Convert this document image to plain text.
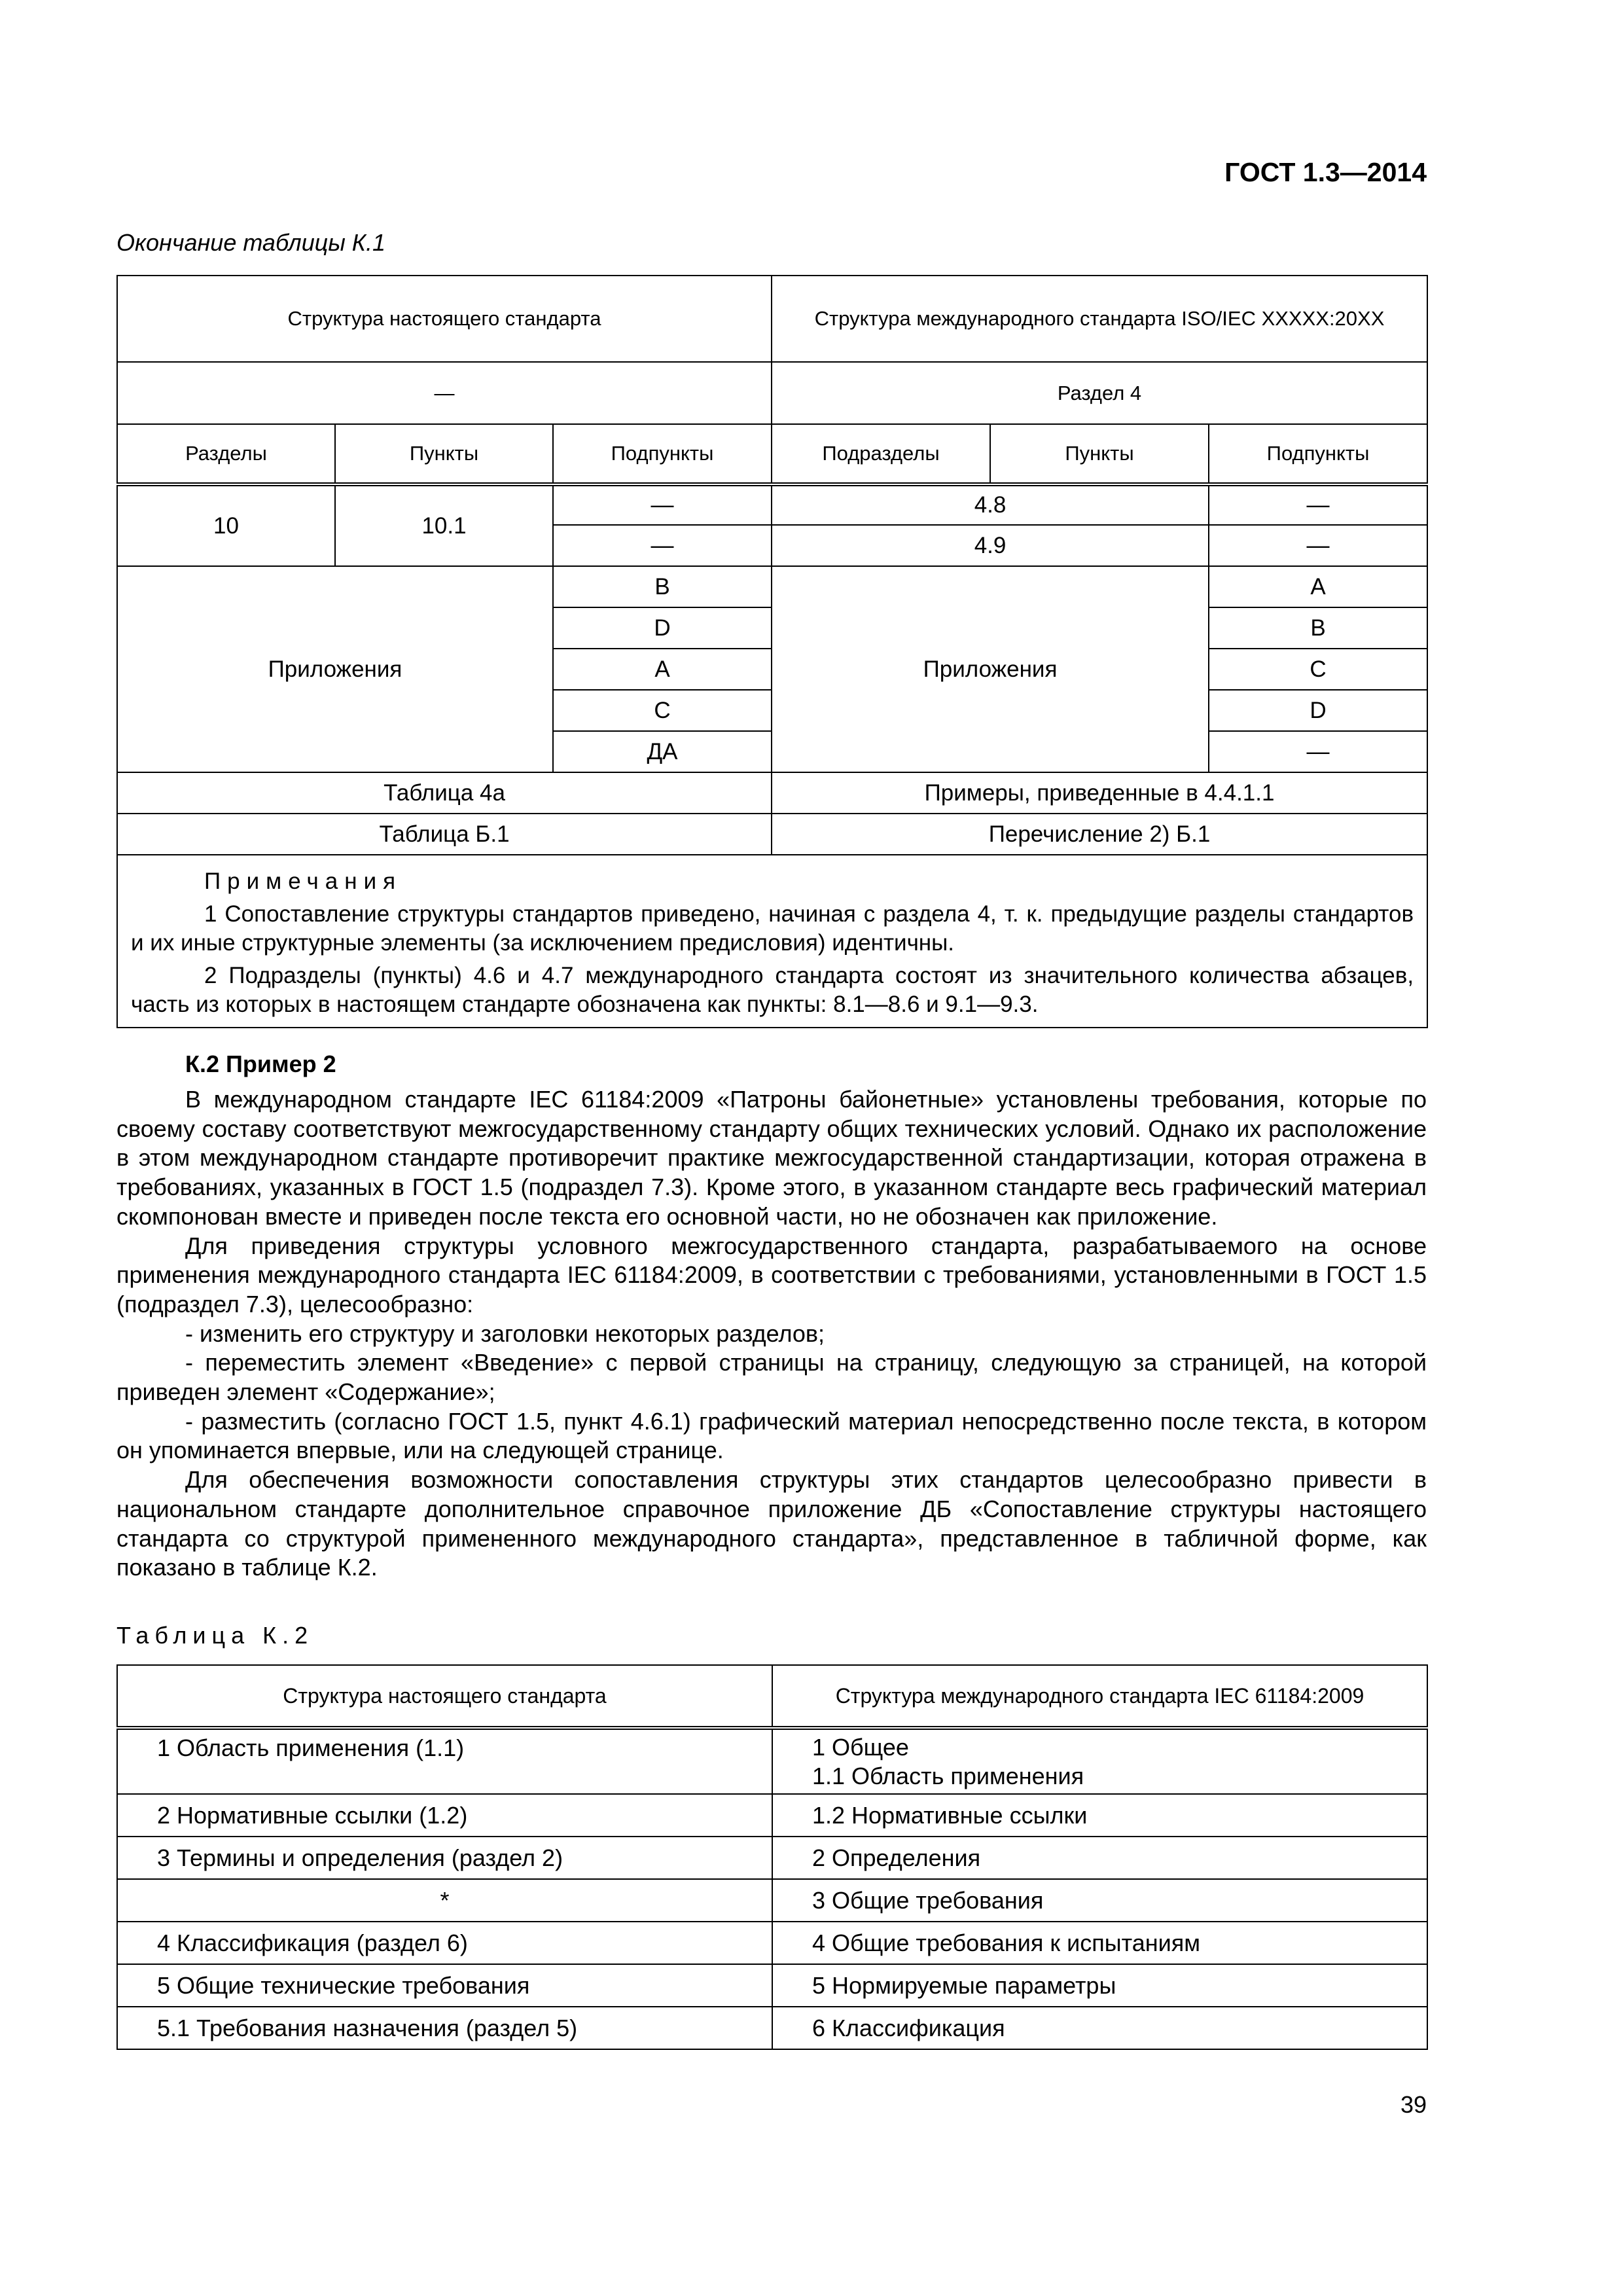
ГОСТ 1.3—2014
Окончание таблицы К.1
Структура настоящего стандарта			Структура международного стандарта ISO/IEC XXXXX:20XX		
—			Раздел 4		
Разделы	Пункты	Подпункты	Подразделы	Пункты	Подпункты
10	10.1	—	4.8		—
		—	4.9		—
Приложения		B	Приложения		A
		D			B
		A			C
		C			D
		ДА			—
Таблица 4а			Примеры, приведенные в 4.4.1.1		
Таблица Б.1			Перечисление 2) Б.1		

Примечания

1 Сопоставление структуры стандартов приведено, начиная с раздела 4, т. к. предыдущие разделы стандартов и их иные структурные элементы (за исключением предисловия) идентичны.

2 Подразделы (пункты) 4.6 и 4.7 международного стандарта состоят из значительного количества абзацев, часть из которых в настоящем стандарте обозначена как пункты: 8.1—8.6 и 9.1—9.3.					

К.2 Пример 2

В международном стандарте IEC 61184:2009 «Патроны байонетные» установлены требования, которые по своему составу соответствуют межгосударственному стандарту общих технических условий. Однако их расположение в этом международном стандарте противоречит практике межгосударственной стандартизации, которая отражена в требованиях, указанных в ГОСТ 1.5 (подраздел 7.3). Кроме этого, в указанном стандарте весь графический материал скомпонован вместе и приведен после текста его основной части, но не обозначен как приложение.

Для приведения структуры условного межгосударственного стандарта, разрабатываемого на основе применения международного стандарта IEC 61184:2009, в соответствии с требованиями, установленными в ГОСТ 1.5 (подраздел 7.3), целесообразно:

- изменить его структуру и заголовки некоторых разделов;

- переместить элемент «Введение» с первой страницы на страницу, следующую за страницей, на которой приведен элемент «Содержание»;

- разместить (согласно ГОСТ 1.5, пункт 4.6.1) графический материал непосредственно после текста, в котором он упоминается впервые, или на следующей странице.

Для обеспечения возможности сопоставления структуры этих стандартов целесообразно привести в национальном стандарте дополнительное справочное приложение ДБ «Сопоставление структуры настоящего стандарта со структурой примененного международного стандарта», представленное в табличной форме, как показано в таблице К.2.

Таблица К.2
Структура настоящего стандарта	Структура международного стандарта IEC 61184:2009
1 Область применения (1.1)	1 Общее
1.1 Область применения

2 Нормативные ссылки (1.2)	1.2 Нормативные ссылки
3 Термины и определения (раздел 2)	2 Определения
*	3 Общие требования
4 Классификация (раздел 6)	4 Общие требования к испытаниям
5 Общие технические требования	5 Нормируемые параметры
5.1 Требования назначения (раздел 5)	6 Классификация
39
